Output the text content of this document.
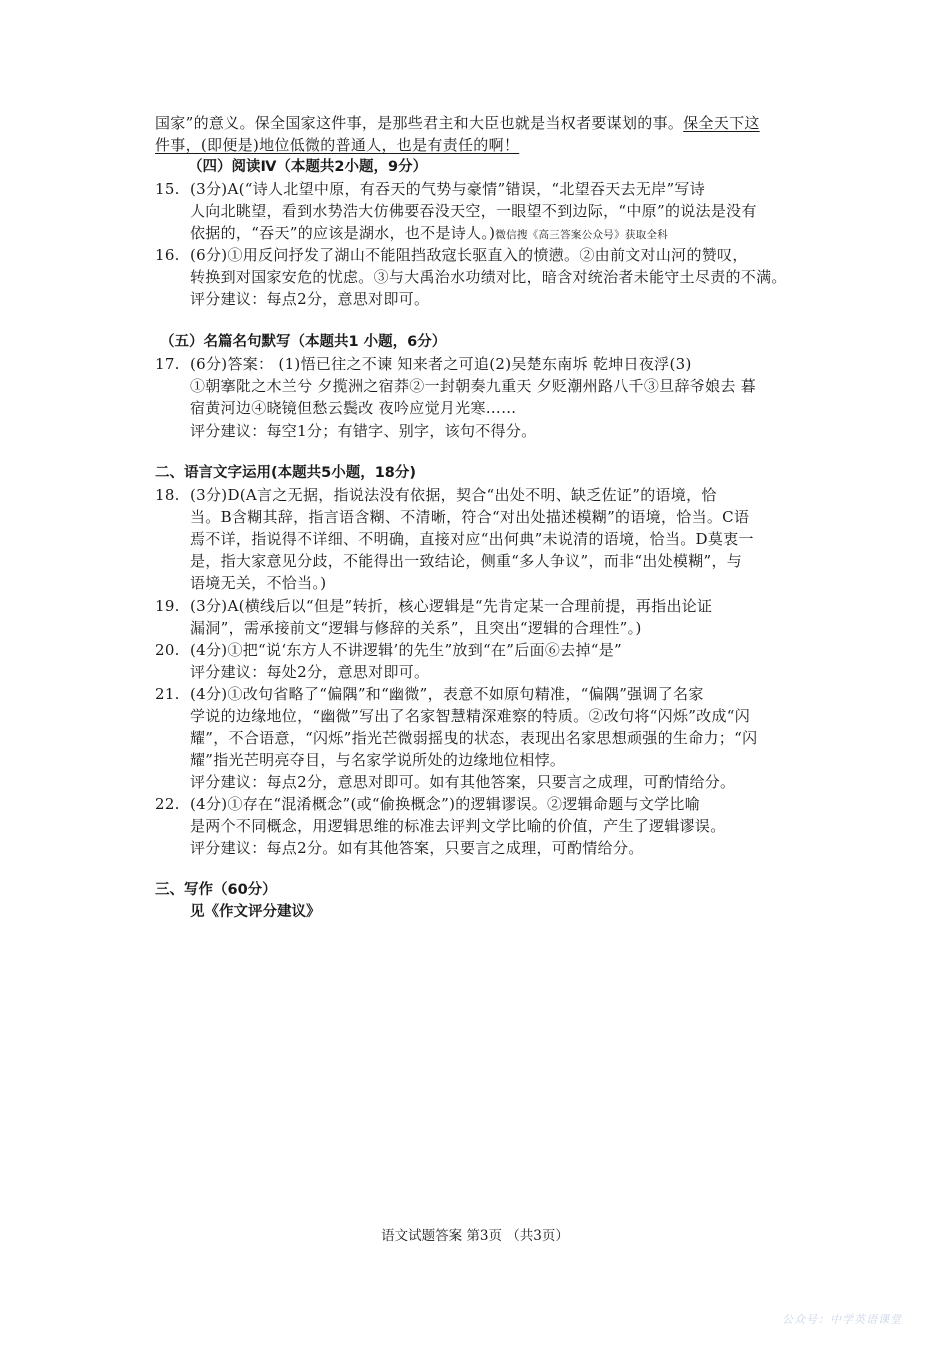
国家”的意义。保全国家这件事，是那些君主和大臣也就是当权者要谋划的事。保全天下这
件事，(即便是)地位低微的普通人，也是有责任的啊！
（四）阅读Ⅳ（本题共2小题，9分）
15. (3分)A(“诗人北望中原，有吞天的气势与豪情”错误，“北望吞天去无岸”写诗
人向北眺望，看到水势浩大仿佛要吞没天空，一眼望不到边际，“中原”的说法是没有
依据的，“吞天”的应该是湖水，也不是诗人。)微信搜《高三答案公众号》获取全科
16. (6分)①用反问抒发了湖山不能阻挡敌寇长驱直入的愤懑。②由前文对山河的赞叹，
转换到对国家安危的忧虑。③与大禹治水功绩对比，暗含对统治者未能守土尽责的不满。
评分建议：每点2分，意思对即可。
（五）名篇名句默写（本题共1 小题，6分）
17. (6分)答案： (1)悟已往之不谏 知来者之可追(2)吴楚东南坼 乾坤日夜浮(3)
①朝搴阰之木兰兮 夕揽洲之宿莽②一封朝奏九重天 夕贬潮州路八千③旦辞爷娘去 暮
宿黄河边④晓镜但愁云鬓改 夜吟应觉月光寒……
评分建议：每空1分；有错字、别字，该句不得分。
二、语言文字运用(本题共5小题，18分)
18. (3分)D(A言之无据，指说法没有依据，契合“出处不明、缺乏佐证”的语境，恰
当。B含糊其辞，指言语含糊、不清晰，符合“对出处描述模糊”的语境，恰当。C语
焉不详，指说得不详细、不明确，直接对应“出何典”未说清的语境，恰当。D莫衷一
是，指大家意见分歧，不能得出一致结论，侧重“多人争议”，而非“出处模糊”，与
语境无关，不恰当。)
19. (3分)A(横线后以“但是”转折，核心逻辑是“先肯定某一合理前提，再指出论证
漏洞”，需承接前文“逻辑与修辞的关系”，且突出“逻辑的合理性”。)
20. (4分)①把“说‘东方人不讲逻辑’的先生”放到“在”后面⑥去掉“是”
评分建议：每处2分，意思对即可。
21. (4分)①改句省略了“偏隅”和“幽微”，表意不如原句精准，“偏隅”强调了名家
学说的边缘地位，“幽微”写出了名家智慧精深难察的特质。②改句将“闪烁”改成“闪
耀”，不合语意，“闪烁”指光芒微弱摇曳的状态，表现出名家思想顽强的生命力；“闪
耀”指光芒明亮夺目，与名家学说所处的边缘地位相悖。
评分建议：每点2分，意思对即可。如有其他答案，只要言之成理，可酌情给分。
22. (4分)①存在“混淆概念”(或“偷换概念”)的逻辑谬误。②逻辑命题与文学比喻
是两个不同概念，用逻辑思维的标准去评判文学比喻的价值，产生了逻辑谬误。
评分建议：每点2分。如有其他答案，只要言之成理，可酌情给分。
三、写作（60分）
见《作文评分建议》
语文试题答案 第3页 （共3页）
公众号：中学英语课堂
